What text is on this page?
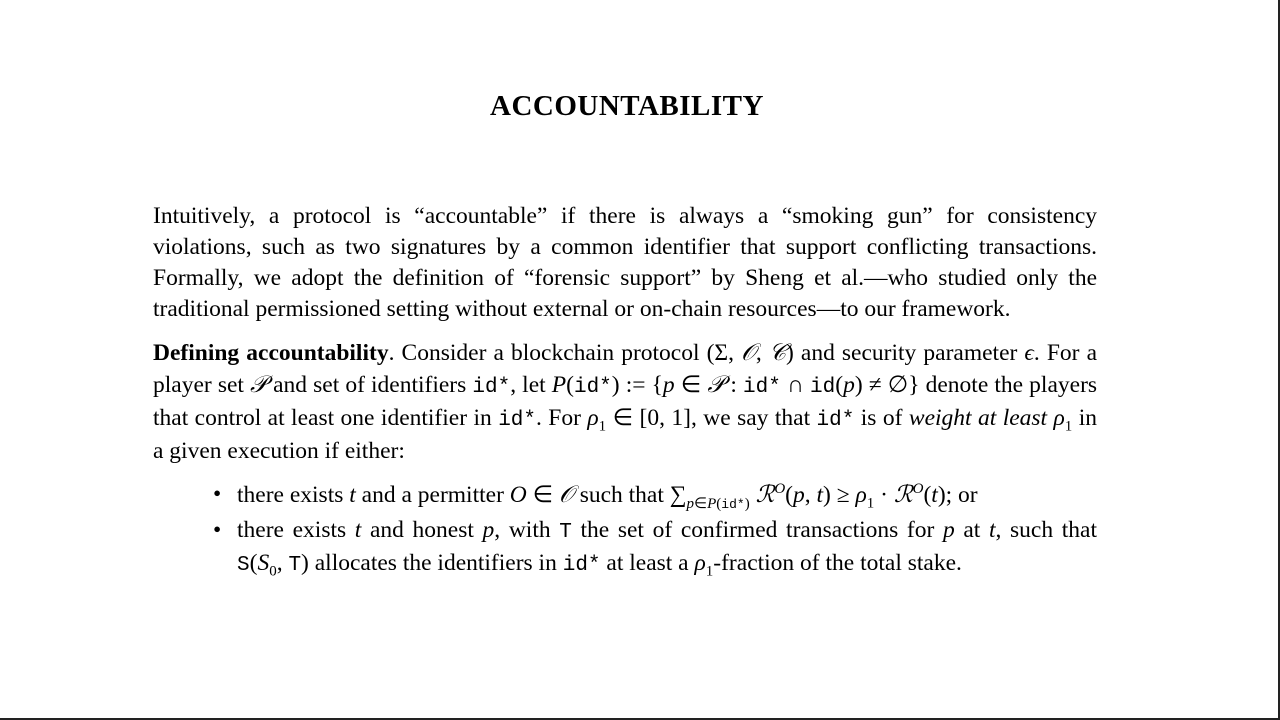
ACCOUNTABILITY

Intuitively, a protocol is “accountable” if there is always a “smoking gun” for consistency violations, such as two signatures by a common identifier that support conflicting transactions. Formally, we adopt the definition of “forensic support” by Sheng et al.—who studied only the traditional permissioned setting without external or on-chain resources—to our framework.

Defining accountability. Consider a blockchain protocol (Σ, 𝒪, 𝒞) and security parameter ϵ. For a player set 𝒫 and set of identifiers id*, let P(id*) := {p ∈ 𝒫 : id* ∩ id(p) ≠ ∅} denote the players that control at least one identifier in id*. For $\rho_1$ ∈ [0, 1], we say that id* is of weight at least $\rho_1$ in a given execution if either:

• there exists t and a permitter O ∈ 𝒪 such that $\sum_{p\in P(id*)}$ ℛ$^O$(p, $t) \ge \rho_1$ · ℛ$^O$(t); or
• there exists t and honest p, with T the set of confirmed transactions for p at t, such that $S(S_0$, T) allocates the identifiers in id* at least a $\rho_1$-fraction of the total stake.
